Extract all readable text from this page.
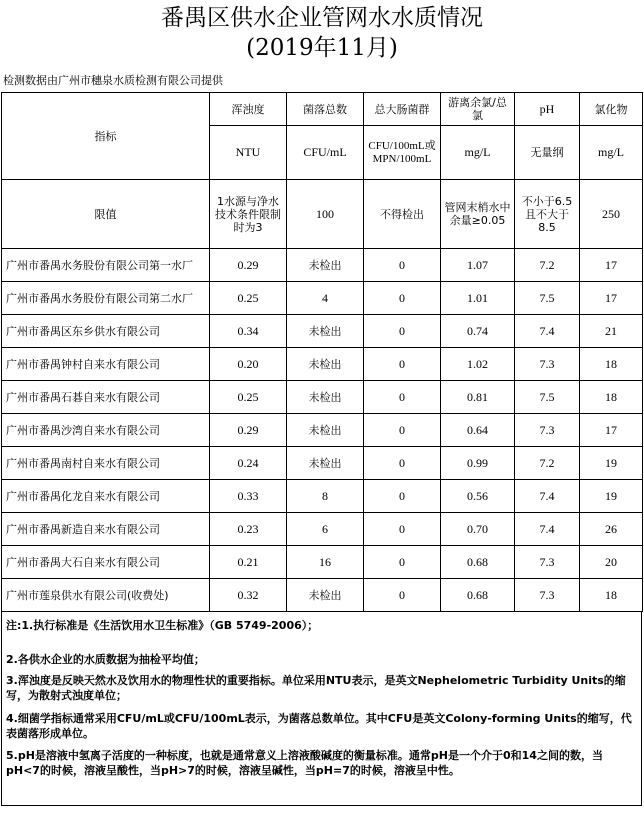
番禺区供水企业管网水水质情况
(2019年11月)
检测数据由广州市穗泉水质检测有限公司提供
指标	浑浊度	菌落总数	总大肠菌群	游离余氯/总氯	pH	氯化物
	NTU	CFU/mL	CFU/100mL或MPN/100mL	mg/L	无量纲	mg/L
限值	1水源与净水技术条件限制时为3	100	不得检出	管网末梢水中余量≥0.05	不小于6.5且不大于8.5	250
广州市番禺水务股份有限公司第一水厂	0.29	未检出	0	1.07	7.2	17
广州市番禺水务股份有限公司第二水厂	0.25	4	0	1.01	7.5	17
广州市番禺区东乡供水有限公司	0.34	未检出	0	0.74	7.4	21
广州市番禺钟村自来水有限公司	0.20	未检出	0	1.02	7.3	18
广州市番禺石碁自来水有限公司	0.25	未检出	0	0.81	7.5	18
广州市番禺沙湾自来水有限公司	0.29	未检出	0	0.64	7.3	17
广州市番禺南村自来水有限公司	0.24	未检出	0	0.99	7.2	19
广州市番禺化龙自来水有限公司	0.33	8	0	0.56	7.4	19
广州市番禺新造自来水有限公司	0.23	6	0	0.70	7.4	26
广州市番禺大石自来水有限公司	0.21	16	0	0.68	7.3	20
广州市莲泉供水有限公司(收费处)	0.32	未检出	0	0.68	7.3	18
注:1.执行标准是《生活饮用水卫生标准》（GB 5749-2006）；
2.各供水企业的水质数据为抽检平均值；
3.浑浊度是反映天然水及饮用水的物理性状的重要指标。单位采用NTU表示，是英文Nephelometric Turbidity Units的缩写，为散射式浊度单位；
4.细菌学指标通常采用CFU/mL或CFU/100mL表示，为菌落总数单位。其中CFU是英文Colony-forming Units的缩写，代表菌落形成单位。
5.pH是溶液中氢离子活度的一种标度，也就是通常意义上溶液酸碱度的衡量标准。通常pH是一个介于0和14之间的数，当pH<7的时候，溶液呈酸性，当pH>7的时候，溶液呈碱性，当pH=7的时候，溶液呈中性。
